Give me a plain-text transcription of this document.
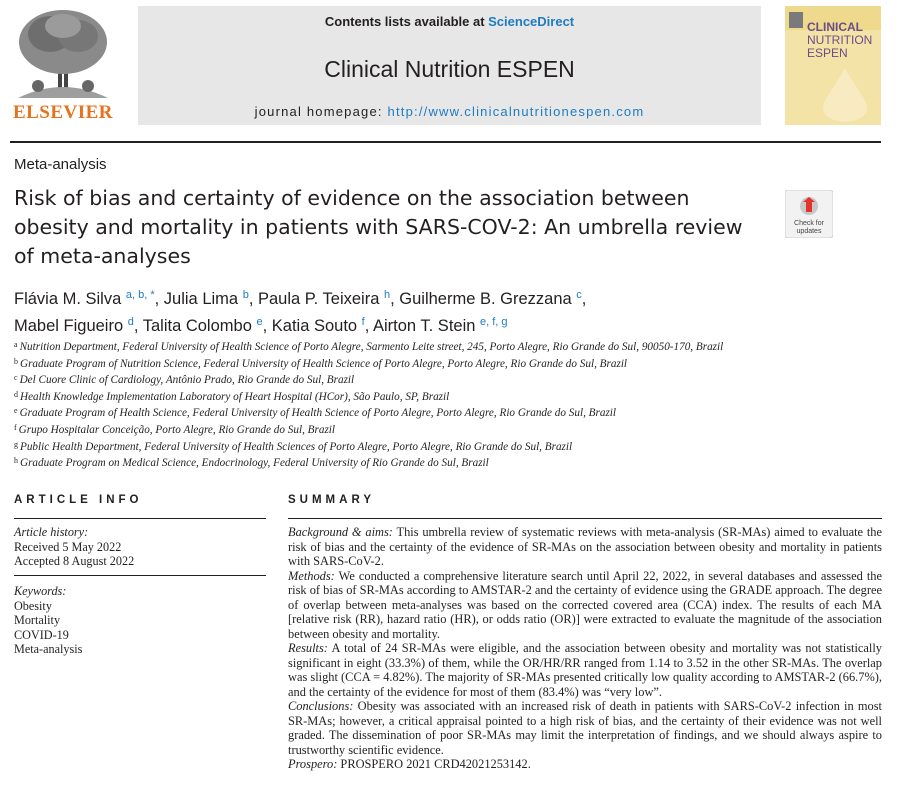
ELSEVIER
Contents lists available at ScienceDirect
Clinical Nutrition ESPEN
journal homepage: http://www.clinicalnutritionespen.com
CLINICAL
NUTRITION
ESPEN
Meta-analysis
Risk of bias and certainty of evidence on the association between obesity and mortality in patients with SARS-COV-2: An umbrella review of meta-analyses
Check for
updates
Flávia M. Silva $^{a, b, *}$, Julia Lima $^b$, Paula P. Teixeira $^h$, Guilherme B. Grezzana $^c$,
Mabel Figueiro $^d$, Talita Colombo $^e$, Katia Souto $^f$, Airton T. Stein $^{e, f, g}$
$^a$ Nutrition Department, Federal University of Health Science of Porto Alegre, Sarmento Leite street, 245, Porto Alegre, Rio Grande do Sul, 90050-170, Brazil
$^b$ Graduate Program of Nutrition Science, Federal University of Health Science of Porto Alegre, Porto Alegre, Rio Grande do Sul, Brazil
$^c$ Del Cuore Clinic of Cardiology, Antônio Prado, Rio Grande do Sul, Brazil
$^d$ Health Knowledge Implementation Laboratory of Heart Hospital (HCor), São Paulo, SP, Brazil
$^e$ Graduate Program of Health Science, Federal University of Health Science of Porto Alegre, Porto Alegre, Rio Grande do Sul, Brazil
$^f$ Grupo Hospitalar Conceição, Porto Alegre, Rio Grande do Sul, Brazil
$^g$ Public Health Department, Federal University of Health Sciences of Porto Alegre, Porto Alegre, Rio Grande do Sul, Brazil
$^h$ Graduate Program on Medical Science, Endocrinology, Federal University of Rio Grande do Sul, Brazil
ARTICLE INFO
Article history:
Received 5 May 2022
Accepted 8 August 2022
Keywords:
Obesity
Mortality
COVID-19
Meta-analysis
SUMMARY

Background & aims: This umbrella review of systematic reviews with meta-analysis (SR-MAs) aimed to evaluate the risk of bias and the certainty of the evidence of SR-MAs on the association between obesity and mortality in patients with SARS-CoV-2.

Methods: We conducted a comprehensive literature search until April 22, 2022, in several databases and assessed the risk of bias of SR-MAs according to AMSTAR-2 and the certainty of evidence using the GRADE approach. The degree of overlap between meta-analyses was based on the corrected covered area (CCA) index. The results of each MA [relative risk (RR), hazard ratio (HR), or odds ratio (OR)] were extracted to evaluate the magnitude of the association between obesity and mortality.

Results: A total of 24 SR-MAs were eligible, and the association between obesity and mortality was not statistically significant in eight (33.3%) of them, while the OR/HR/RR ranged from 1.14 to 3.52 in the other SR-MAs. The overlap was slight (CCA = 4.82%). The majority of SR-MAs presented critically low quality according to AMSTAR-2 (66.7%), and the certainty of the evidence for most of them (83.4%) was “very low”.

Conclusions: Obesity was associated with an increased risk of death in patients with SARS-CoV-2 infection in most SR-MAs; however, a critical appraisal pointed to a high risk of bias, and the certainty of their evidence was not well graded. The dissemination of poor SR-MAs may limit the interpretation of findings, and we should always aspire to trustworthy scientific evidence.

Prospero: PROSPERO 2021 CRD42021253142.
